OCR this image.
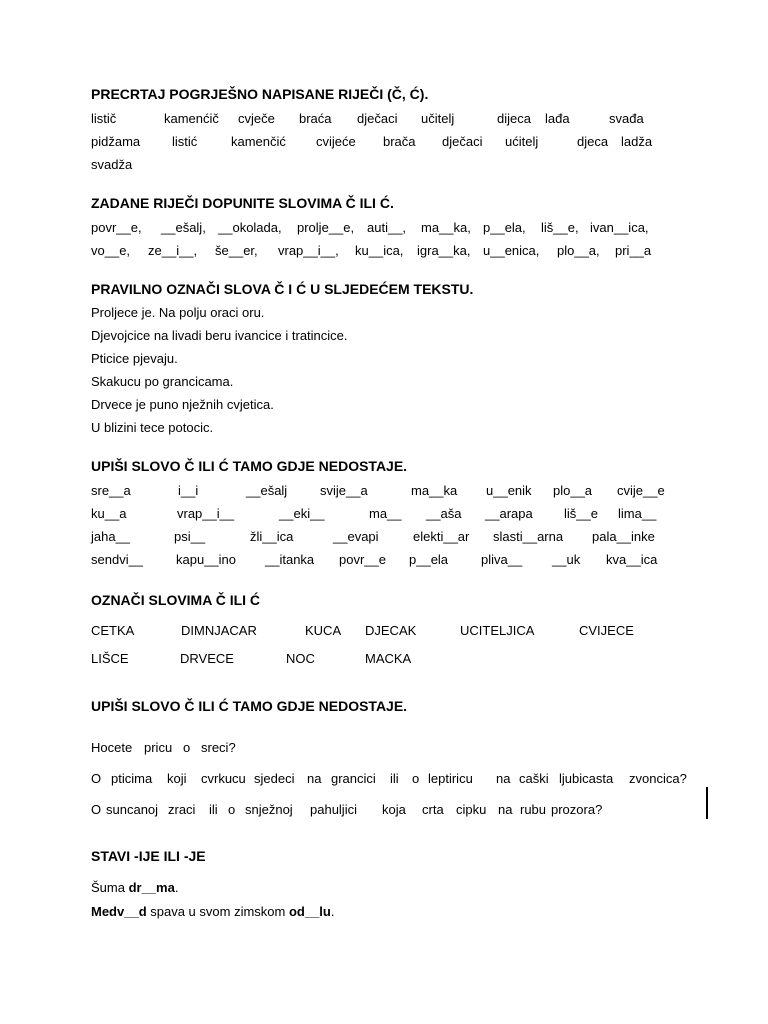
PRECRTAJ POGRJEŠNO NAPISANE RIJEČI (Č, Ć).
listič	kamenćič cvječe braća dječaci učitelj	dijeca lađa	svađa
pidžama listić	kamenčić cvijeće brača dječaci ućitelj	djeca ladža
svadža
ZADANE RIJEČI DOPUNITE SLOVIMA Č ILI Ć.
povr__e, __ešalj, __okolada, prolje__e, auti__, ma__ka, p__ela, liš__e, ivan__ica,
vo__e, ze__i__, še__er, vrap__i__, ku__ica, igra__ka, u__enica, plo__a, pri__a
PRAVILNO OZNAČI SLOVA Č I Ć U SLJEDEĆEM TEKSTU.
Proljece je. Na polju oraci oru.
Djevojcice na livadi beru ivancice i tratincice.
Pticice pjevaju.
Skakucu po grancicama.
Drvece je puno nježnih cvjetica.
U blizini tece potocic.
UPIŠI SLOVO Č ILI Ć TAMO GDJE NEDOSTAJE.
sre__a	i__i	__ešalj	svije__a	ma__ka u__enik plo__a cvije__e
ku__a	vrap__i__	__eki__	ma__ __aša __arapa liš__e lima__
jaha__	psi__	žli__ica	__evapi	elekti__ar slasti__arna pala__inke
sendvi__	kapu__ino __itanka povr__e p__ela	pliva__ __uk kva__ica
OZNAČI SLOVIMA Č ILI Ć
CETKA	DIMNJACAR	KUCA DJECAK	UCITELJICA	CVIJECE
LIŠCE	DRVECE	NOC	MACKA
UPIŠI SLOVO Č ILI Ć TAMO GDJE NEDOSTAJE.
Hocete pricu o sreci?
O pticima koji cvrkucu sjedeci na grancici ili o leptiricu na caški ljubicasta zvoncica?
O suncanoj zraci ili o snježnoj pahuljici koja crta cipku na rubu prozora?
STAVI -IJE ILI -JE
Šuma dr__ma.
Medv__d spava u svom zimskom od__lu.
